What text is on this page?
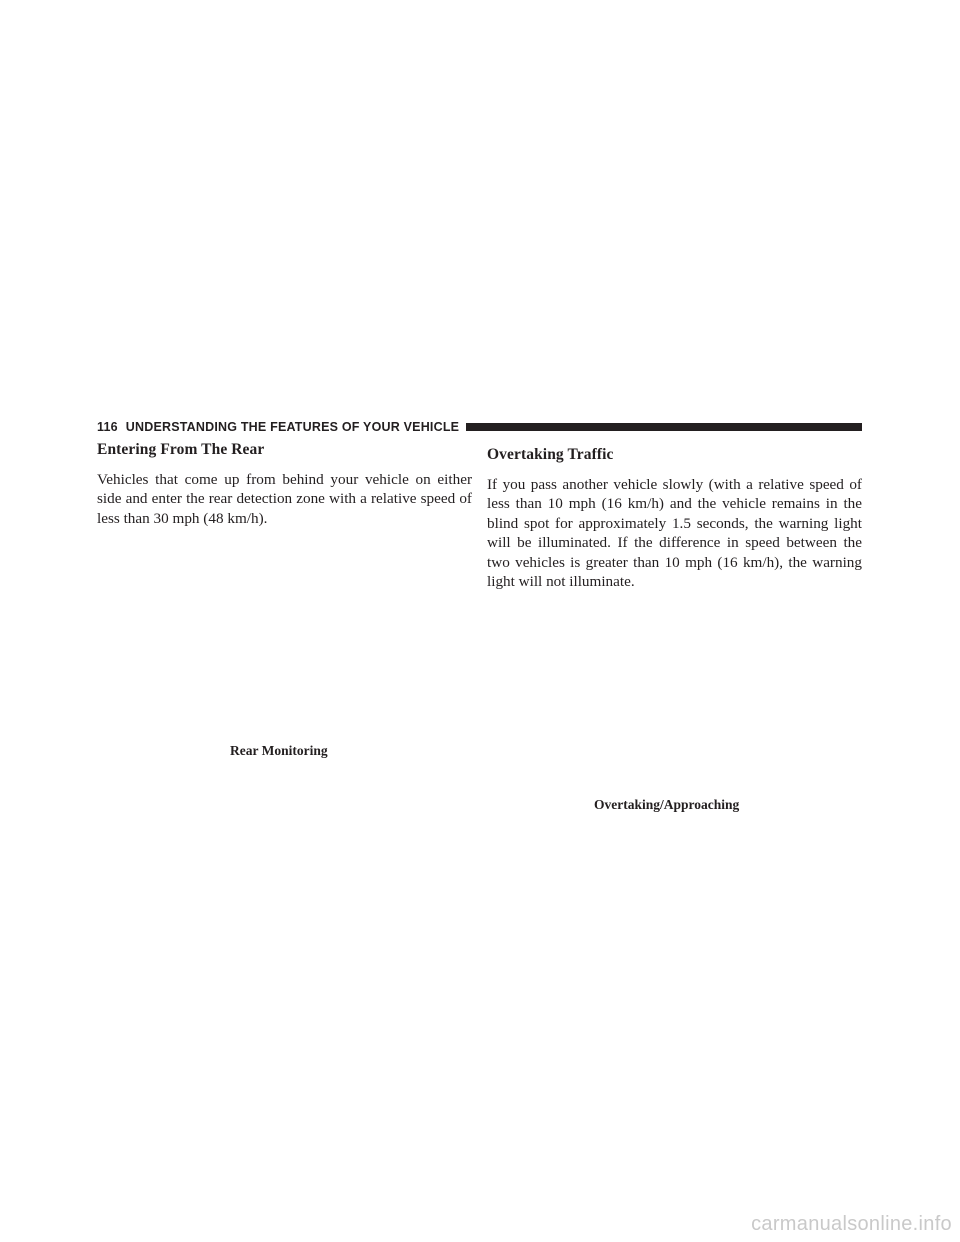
116 UNDERSTANDING THE FEATURES OF YOUR VEHICLE
Entering From The Rear

Vehicles that come up from behind your vehicle on either side and enter the rear detection zone with a relative speed of less than 30 mph (48 km/h).

Overtaking Traffic

If you pass another vehicle slowly (with a relative speed of less than 10 mph (16 km/h) and the vehicle remains in the blind spot for approximately 1.5 seconds, the warning light will be illuminated. If the difference in speed between the two vehicles is greater than 10 mph (16 km/h), the warning light will not illuminate.

Rear Monitoring
Overtaking/Approaching
carmanualsonline.info
